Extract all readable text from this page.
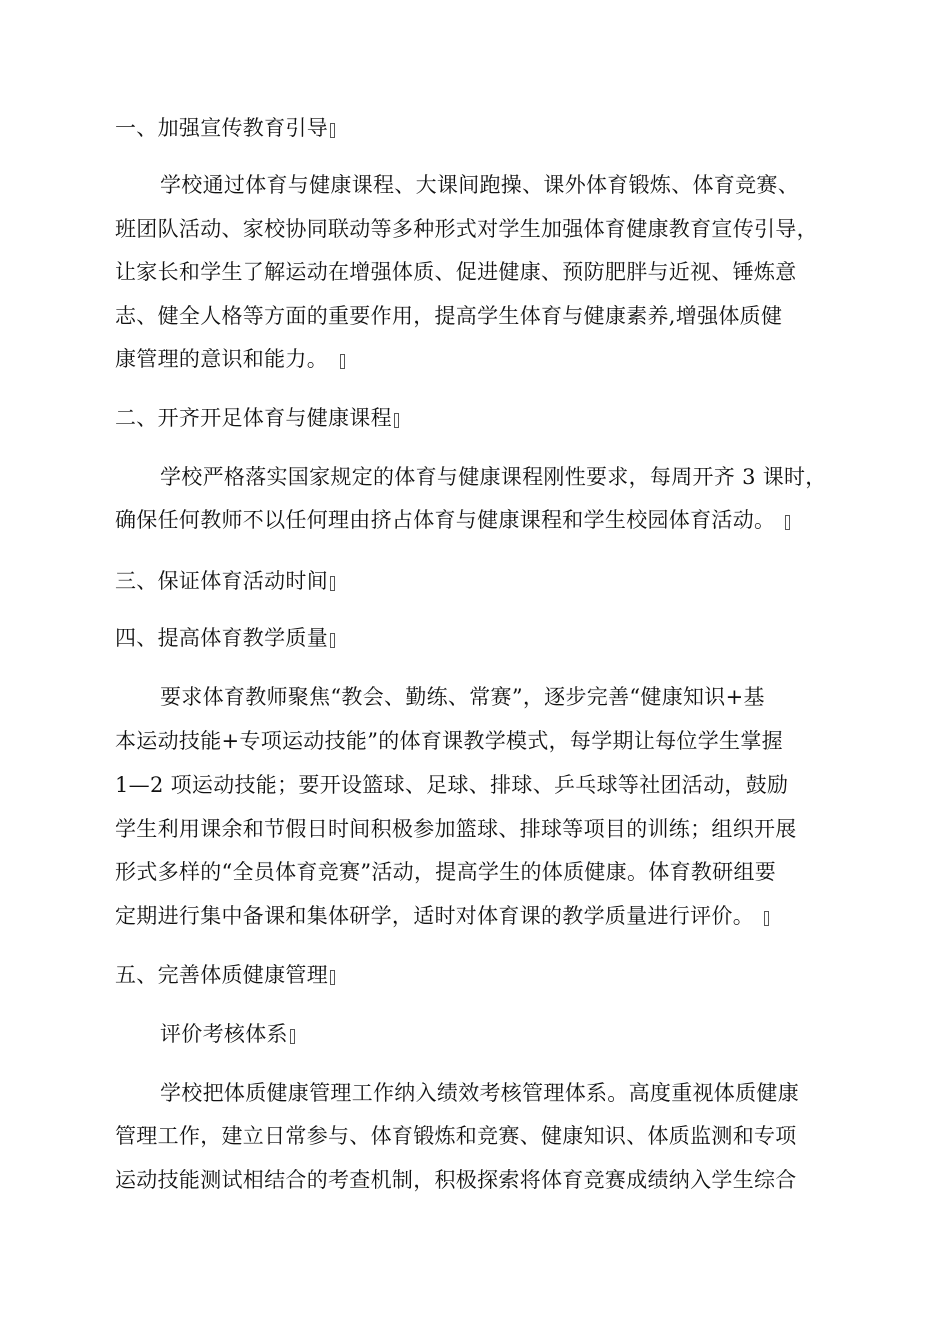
一、加强宣传教育引导
学校通过体育与健康课程、大课间跑操、课外体育锻炼、体育竞赛、
班团队活动、家校协同联动等多种形式对学生加强体育健康教育宣传引导，
让家长和学生了解运动在增强体质、促进健康、预防肥胖与近视、锤炼意
志、健全人格等方面的重要作用，提高学生体育与健康素养,增强体质健
康管理的意识和能力。
二、开齐开足体育与健康课程
学校严格落实国家规定的体育与健康课程刚性要求，每周开齐 3 课时，
确保任何教师不以任何理由挤占体育与健康课程和学生校园体育活动。
三、保证体育活动时间
四、提高体育教学质量
要求体育教师聚焦“教会、勤练、常赛”，逐步完善“健康知识+基
本运动技能+专项运动技能”的体育课教学模式，每学期让每位学生掌握
1—2 项运动技能；要开设篮球、足球、排球、乒乓球等社团活动，鼓励
学生利用课余和节假日时间积极参加篮球、排球等项目的训练；组织开展
形式多样的“全员体育竞赛”活动，提高学生的体质健康。体育教研组要
定期进行集中备课和集体研学，适时对体育课的教学质量进行评价。
五、完善体质健康管理
评价考核体系
学校把体质健康管理工作纳入绩效考核管理体系。高度重视体质健康
管理工作，建立日常参与、体育锻炼和竞赛、健康知识、体质监测和专项
运动技能测试相结合的考查机制，积极探索将体育竞赛成绩纳入学生综合
